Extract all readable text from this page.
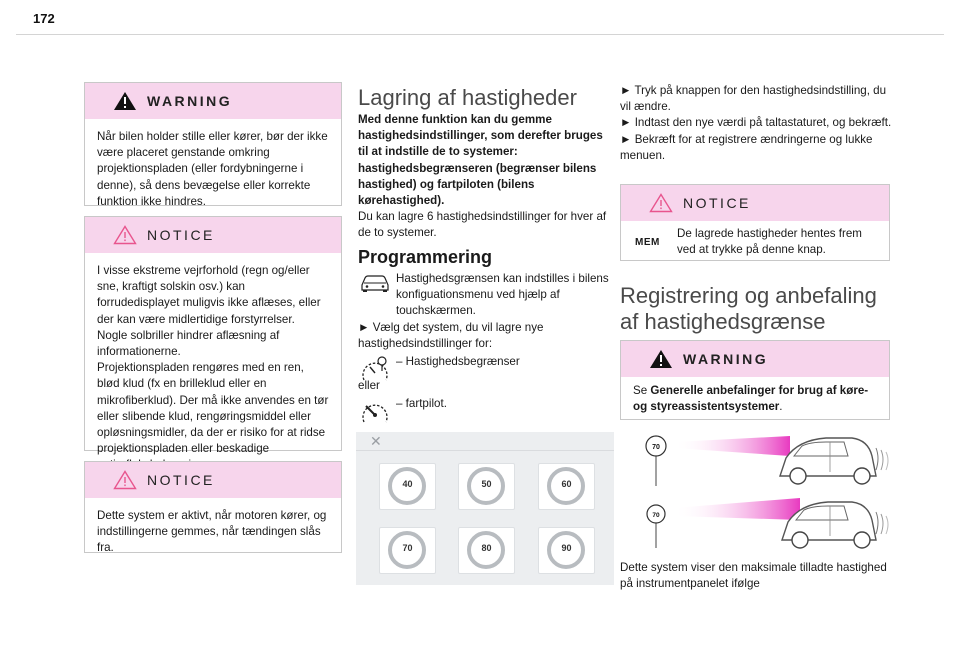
172
WARNING

Når bilen holder stille eller kører, bør der ikke være placeret genstande omkring projektionspladen (eller fordybningerne i denne), så dens bevægelse eller korrekte funktion ikke hindres.

NOTICE

I visse ekstreme vejrforhold (regn og/eller sne, kraftigt solskin osv.) kan forrudedisplayet muligvis ikke aflæses, eller der kan være midlertidige forstyrrelser.

Nogle solbriller hindrer aflæsning af informationerne.

Projektionspladen rengøres med en ren, blød klud (fx en brilleklud eller en mikrofiberklud). Der må ikke anvendes en tør eller slibende klud, rengøringsmiddel eller opløsningsmidler, da der er risiko for at ridse projektionspladen eller beskadige

NOTICE

Dette system er aktivt, når motoren kører, og indstillingerne gemmes, når tændingen slås fra.

Lagring af hastigheder

Med denne funktion kan du gemme hastighedsindstillinger, som derefter bruges til at indstille de to systemer: hastighedsbegrænseren (begrænser bilens hastighed) og fartpiloten (bilens kørehastighed).

Du kan lagre 6 hastighedsindstillinger for hver af de to systemer.

Programmering

Hastighedsgrænsen kan indstilles i bilens konfiguationsmenu ved hjælp af touchskærmen.

► Vælg det system, du vil lagre nye hastighedsindstillinger for:

– Hastighedsbegrænser

eller

– fartpilot.

✕
40	50	60
70	80	90

► Tryk på knappen for den hastighedsindstilling, du vil ændre.

► Indtast den nye værdi på taltastaturet, og bekræft.

► Bekræft for at registrere ændringerne og lukke menuen.

NOTICE
MEM

De lagrede hastigheder hentes frem ved at trykke på denne knap.

Registrering og anbefaling af hastighedsgrænse
WARNING

Se Generelle anbefalinger for brug af køre- og styreassistentsystemer.

70
70

Dette system viser den maksimale tilladte hastighed på instrumentpanelet ifølge
